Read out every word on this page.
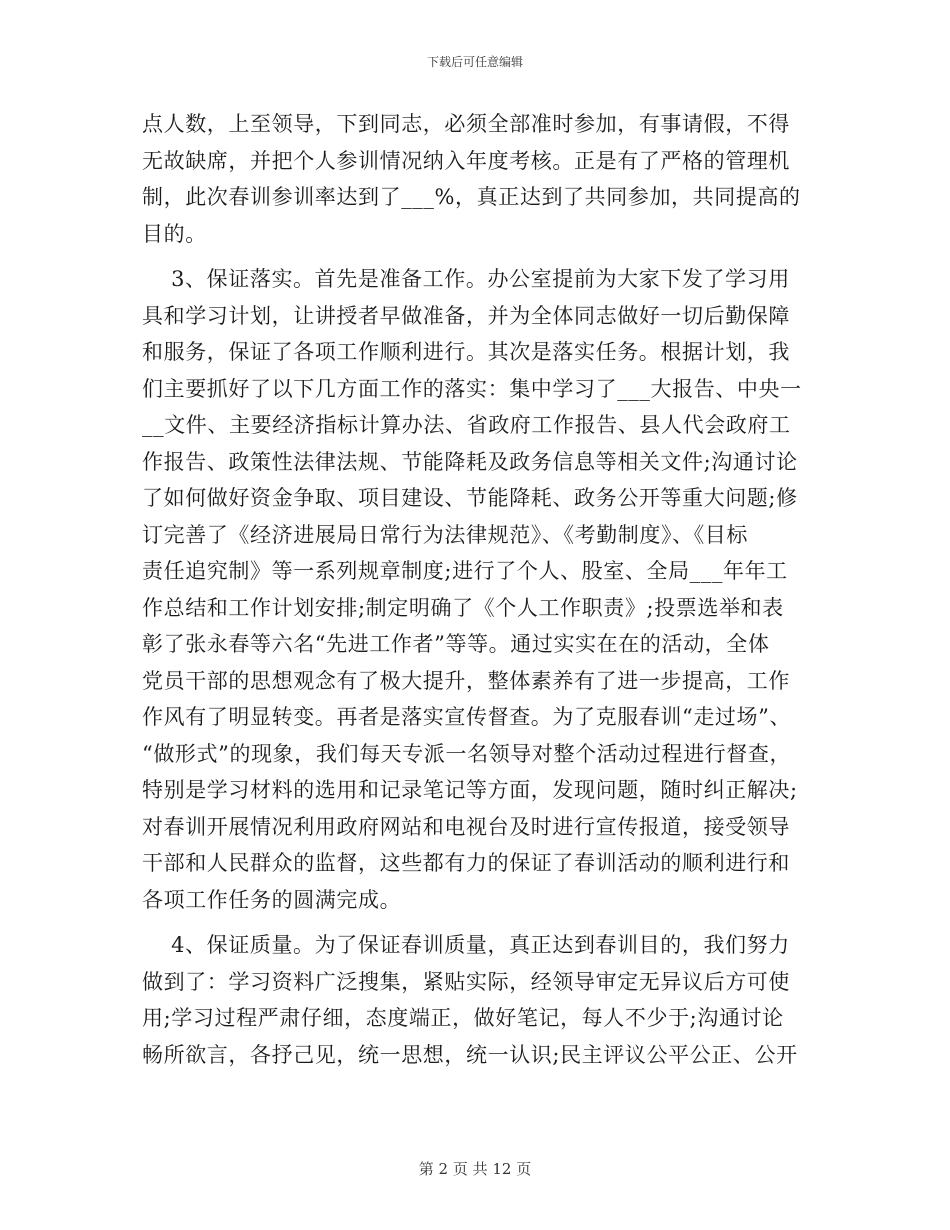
下载后可任意编辑
点人数，上至领导，下到同志，必须全部准时参加，有事请假，不得
无故缺席，并把个人参训情况纳入年度考核。正是有了严格的管理机
制，此次春训参训率达到了___%，真正达到了共同参加，共同提高的
目的。
3、保证落实。首先是准备工作。办公室提前为大家下发了学习用
具和学习计划，让讲授者早做准备，并为全体同志做好一切后勤保障
和服务，保证了各项工作顺利进行。其次是落实任务。根据计划，我
们主要抓好了以下几方面工作的落实：集中学习了___大报告、中央一
__文件、主要经济指标计算办法、省政府工作报告、县人代会政府工
作报告、政策性法律法规、节能降耗及政务信息等相关文件;沟通讨论
了如何做好资金争取、项目建设、节能降耗、政务公开等重大问题;修
订完善了《经济进展局日常行为法律规范》、《考勤制度》、《目标
责任追究制》等一系列规章制度;进行了个人、股室、全局___年年工
作总结和工作计划安排;制定明确了《个人工作职责》;投票选举和表
彰了张永春等六名“先进工作者”等等。通过实实在在的活动，全体
党员干部的思想观念有了极大提升，整体素养有了进一步提高，工作
作风有了明显转变。再者是落实宣传督查。为了克服春训“走过场”、
“做形式”的现象，我们每天专派一名领导对整个活动过程进行督查，
特别是学习材料的选用和记录笔记等方面，发现问题，随时纠正解决;
对春训开展情况利用政府网站和电视台及时进行宣传报道，接受领导
干部和人民群众的监督，这些都有力的保证了春训活动的顺利进行和
各项工作任务的圆满完成。
4、保证质量。为了保证春训质量，真正达到春训目的，我们努力
做到了：学习资料广泛搜集，紧贴实际，经领导审定无异议后方可使
用;学习过程严肃仔细，态度端正，做好笔记，每人不少于;沟通讨论
畅所欲言，各抒己见，统一思想，统一认识;民主评议公平公正、公开
第 2 页 共 12 页
